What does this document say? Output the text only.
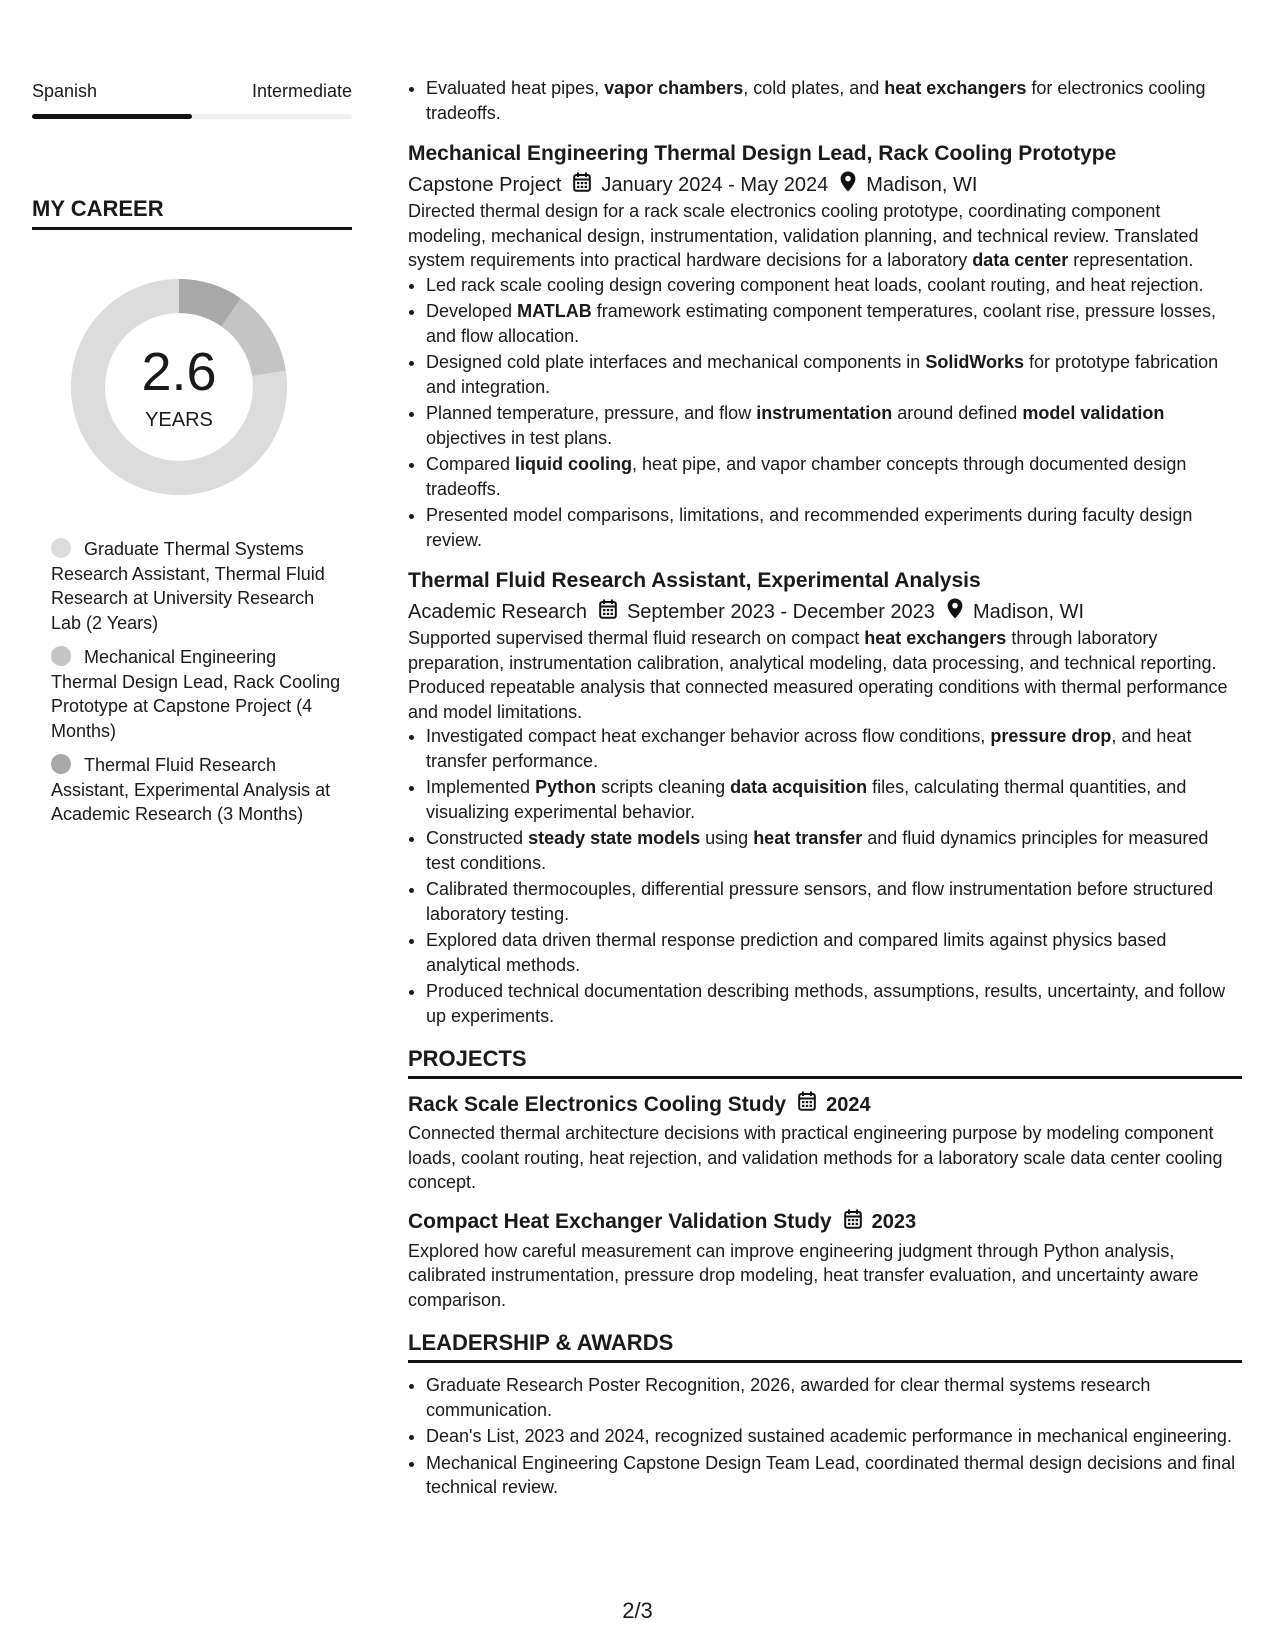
Spanish	Intermediate
MY CAREER
2.6
YEARS
Graduate Thermal Systems Research Assistant, Thermal Fluid Research at University Research Lab (2 Years)
Mechanical Engineering Thermal Design Lead, Rack Cooling Prototype at Capstone Project (4 Months)
Thermal Fluid Research Assistant, Experimental Analysis at Academic Research (3 Months)
• Evaluated heat pipes, vapor chambers, cold plates, and heat exchangers for electronics cooling tradeoffs.
Mechanical Engineering Thermal Design Lead, Rack Cooling Prototype
Capstone Project January 2024 - May 2024 Madison, WI

Directed thermal design for a rack scale electronics cooling prototype, coordinating component modeling, mechanical design, instrumentation, validation planning, and technical review. Translated system requirements into practical hardware decisions for a laboratory data center representation.

• Led rack scale cooling design covering component heat loads, coolant routing, and heat rejection.
• Developed MATLAB framework estimating component temperatures, coolant rise, pressure losses, and flow allocation.
• Designed cold plate interfaces and mechanical components in SolidWorks for prototype fabrication and integration.
• Planned temperature, pressure, and flow instrumentation around defined model validation objectives in test plans.
• Compared liquid cooling, heat pipe, and vapor chamber concepts through documented design tradeoffs.
• Presented model comparisons, limitations, and recommended experiments during faculty design review.
Thermal Fluid Research Assistant, Experimental Analysis
Academic Research September 2023 - December 2023 Madison, WI

Supported supervised thermal fluid research on compact heat exchangers through laboratory preparation, instrumentation calibration, analytical modeling, data processing, and technical reporting. Produced repeatable analysis that connected measured operating conditions with thermal performance and model limitations.

• Investigated compact heat exchanger behavior across flow conditions, pressure drop, and heat transfer performance.
• Implemented Python scripts cleaning data acquisition files, calculating thermal quantities, and visualizing experimental behavior.
• Constructed steady state models using heat transfer and fluid dynamics principles for measured test conditions.
• Calibrated thermocouples, differential pressure sensors, and flow instrumentation before structured laboratory testing.
• Explored data driven thermal response prediction and compared limits against physics based analytical methods.
• Produced technical documentation describing methods, assumptions, results, uncertainty, and follow up experiments.
PROJECTS
Rack Scale Electronics Cooling Study 2024

Connected thermal architecture decisions with practical engineering purpose by modeling component loads, coolant routing, heat rejection, and validation methods for a laboratory scale data center cooling concept.

Compact Heat Exchanger Validation Study 2023

Explored how careful measurement can improve engineering judgment through Python analysis, calibrated instrumentation, pressure drop modeling, heat transfer evaluation, and uncertainty aware comparison.

LEADERSHIP & AWARDS
• Graduate Research Poster Recognition, 2026, awarded for clear thermal systems research communication.
• Dean's List, 2023 and 2024, recognized sustained academic performance in mechanical engineering.
• Mechanical Engineering Capstone Design Team Lead, coordinated thermal design decisions and final technical review.
2/3
